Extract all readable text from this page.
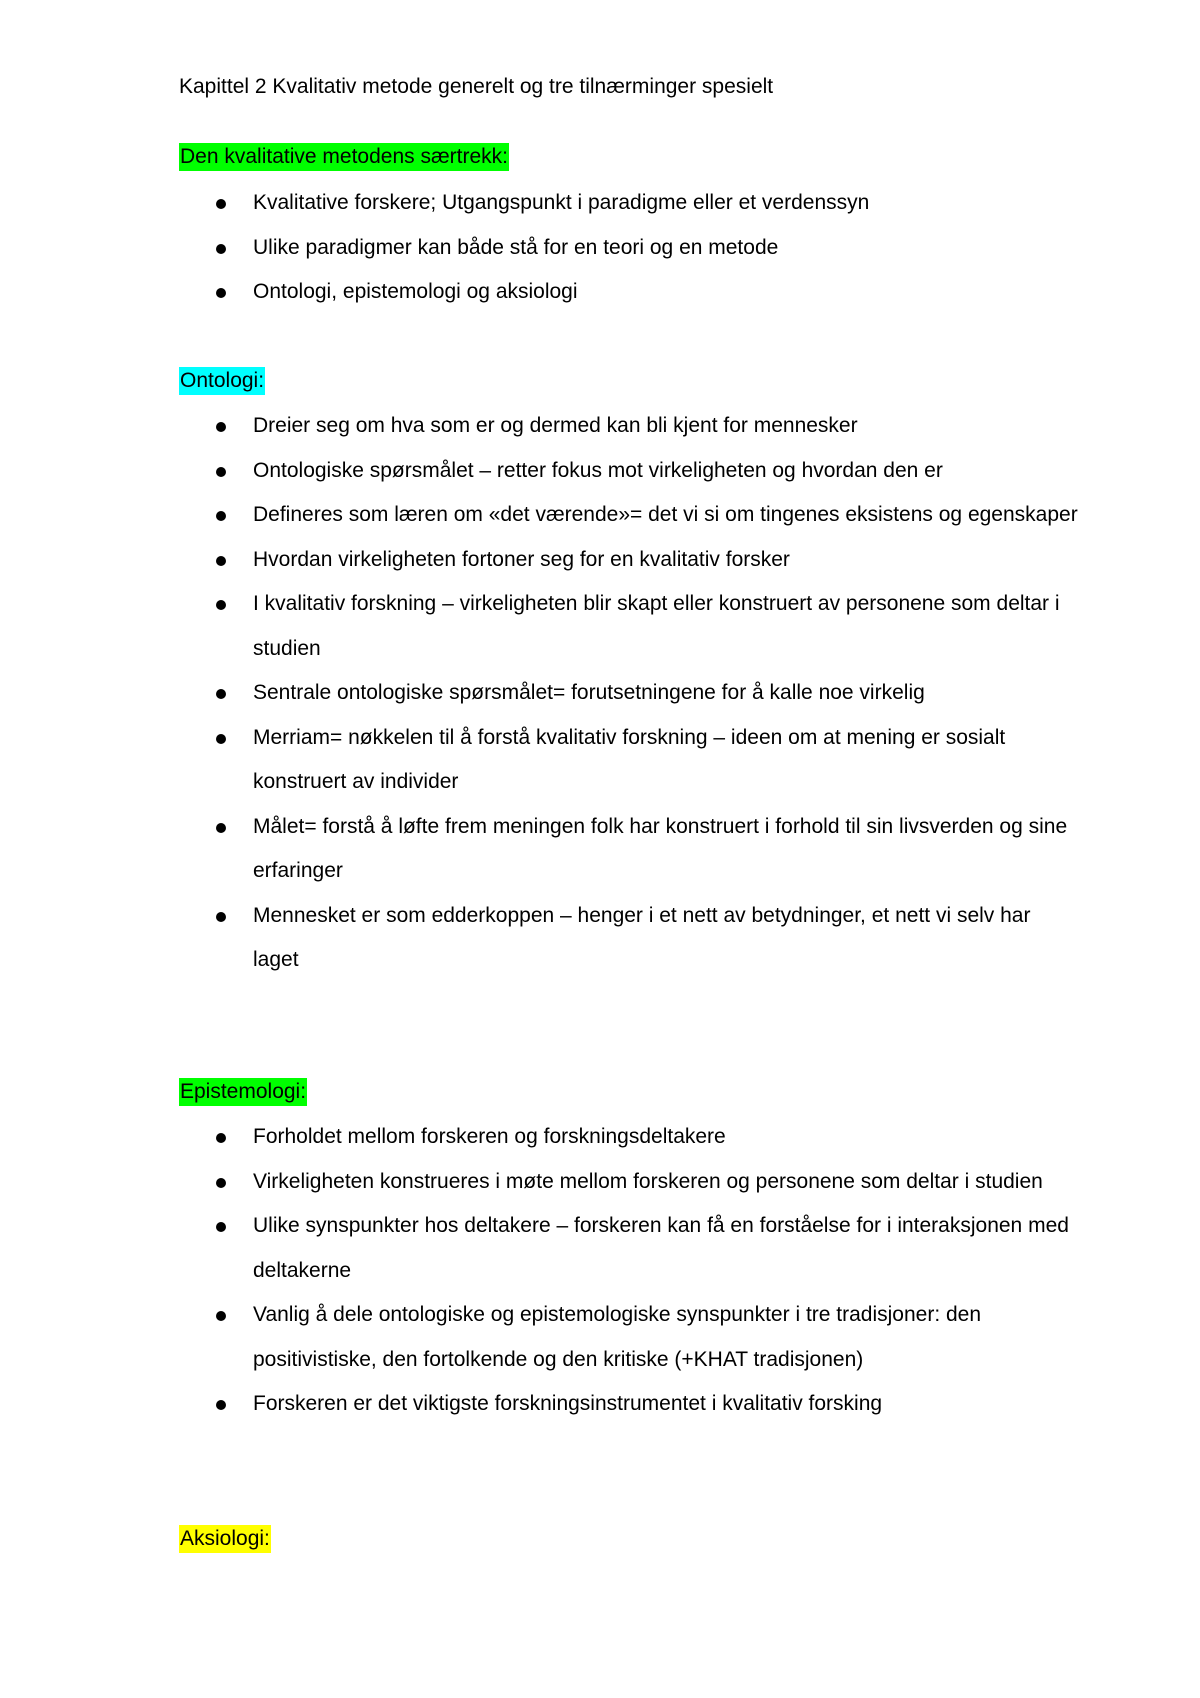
Kapittel 2 Kvalitativ metode generelt og tre tilnærminger spesielt

Den kvalitative metodens særtrekk:

Kvalitative forskere; Utgangspunkt i paradigme eller et verdenssyn
Ulike paradigmer kan både stå for en teori og en metode
Ontologi, epistemologi og aksiologi

Ontologi:

Dreier seg om hva som er og dermed kan bli kjent for mennesker
Ontologiske spørsmålet – retter fokus mot virkeligheten og hvordan den er
Defineres som læren om «det værende»= det vi si om tingenes eksistens og egenskaper
Hvordan virkeligheten fortoner seg for en kvalitativ forsker
I kvalitativ forskning – virkeligheten blir skapt eller konstruert av personene som deltar i studien
Sentrale ontologiske spørsmålet= forutsetningene for å kalle noe virkelig
Merriam= nøkkelen til å forstå kvalitativ forskning – ideen om at mening er sosialt konstruert av individer
Målet= forstå å løfte frem meningen folk har konstruert i forhold til sin livsverden og sine erfaringer
Mennesket er som edderkoppen – henger i et nett av betydninger, et nett vi selv har laget

Epistemologi:

Forholdet mellom forskeren og forskningsdeltakere
Virkeligheten konstrueres i møte mellom forskeren og personene som deltar i studien
Ulike synspunkter hos deltakere – forskeren kan få en forståelse for i interaksjonen med deltakerne
Vanlig å dele ontologiske og epistemologiske synspunkter i tre tradisjoner: den positivistiske, den fortolkende og den kritiske (+KHAT tradisjonen)
Forskeren er det viktigste forskningsinstrumentet i kvalitativ forsking

Aksiologi:
